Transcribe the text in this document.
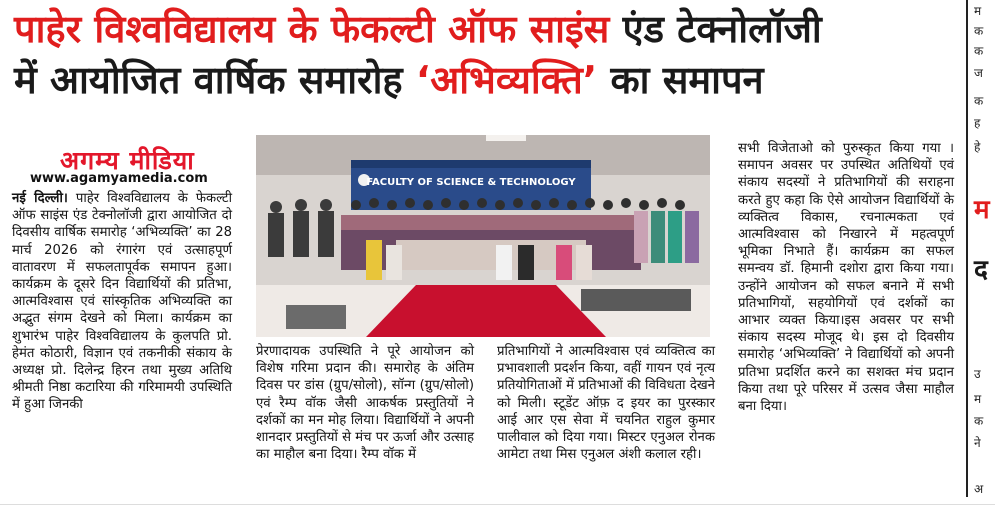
पाहेर विश्वविद्यालय के फेकल्टी ऑफ साइंस एंड टेक्नोलॉजी
में आयोजित वार्षिक समारोह ‘अभिव्यक्ति’ का समापन
अगम्य मीडिया
www.agamyamedia.com
नई दिल्ली। पाहेर विश्वविद्यालय के फेकल्टी ऑफ साइंस एंड टेक्नोलॉजी द्वारा आयोजित दो दिवसीय वार्षिक समारोह ‘अभिव्यक्ति’ का 28 मार्च 2026 को रंगारंग एवं उत्साहपूर्ण वातावरण में सफलतापूर्वक समापन हुआ। कार्यक्रम के दूसरे दिन विद्यार्थियों की प्रतिभा, आत्मविश्वास एवं सांस्कृतिक अभिव्यक्ति का अद्भुत संगम देखने को मिला। कार्यक्रम का शुभारंभ पाहेर विश्वविद्यालय के कुलपति प्रो. हेमंत कोठारी, विज्ञान एवं तकनीकी संकाय के अध्यक्ष प्रो. दिलेन्द्र हिरन तथा मुख्य अतिथि श्रीमती निष्ठा कटारिया की गरिमामयी उपस्थिति में हुआ जिनकी
FACULTY OF SCIENCE & TECHNOLOGY
प्रेरणादायक उपस्थिति ने पूरे आयोजन को विशेष गरिमा प्रदान की। समारोह के अंतिम दिवस पर डांस (ग्रुप/सोलो), सॉन्ग (ग्रुप/सोलो) एवं रैम्प वॉक जैसी आकर्षक प्रस्तुतियों ने दर्शकों का मन मोह लिया। विद्यार्थियों ने अपनी शानदार प्रस्तुतियों से मंच पर ऊर्जा और उत्साह का माहौल बना दिया। रैम्प वॉक में
प्रतिभागियों ने आत्मविश्वास एवं व्यक्तित्व का प्रभावशाली प्रदर्शन किया, वहीं गायन एवं नृत्य प्रतियोगिताओं में प्रतिभाओं की विविधता देखने को मिली। स्टूडेंट ऑफ़ द इयर का पुरस्कार आई आर एस सेवा में चयनित राहुल कुमार पालीवाल को दिया गया। मिस्टर एनुअल रोनक आमेटा तथा मिस एनुअल अंशी कलाल रही।
सभी विजेताओ को पुरुस्कृत किया गया । समापन अवसर पर उपस्थित अतिथियों एवं संकाय सदस्यों ने प्रतिभागियों की सराहना करते हुए कहा कि ऐसे आयोजन विद्यार्थियों के व्यक्तित्व विकास, रचनात्मकता एवं आत्मविश्वास को निखारने में महत्वपूर्ण भूमिका निभाते हैं। कार्यक्रम का सफल समन्वय डॉ. हिमानी दशोरा द्वारा किया गया। उन्होंने आयोजन को सफल बनाने में सभी प्रतिभागियों, सहयोगियों एवं दर्शकों का आभार व्यक्त किया।इस अवसर पर सभी संकाय सदस्य मोजूद थे। इस दो दिवसीय समारोह ‘अभिव्यक्ति’ ने विद्यार्थियों को अपनी प्रतिभा प्रदर्शित करने का सशक्त मंच प्रदान किया तथा पूरे परिसर में उत्सव जैसा माहौल बना दिया।
म
क
क
ज
क
ह
हे
म
द
उ
म
क
ने
अ
